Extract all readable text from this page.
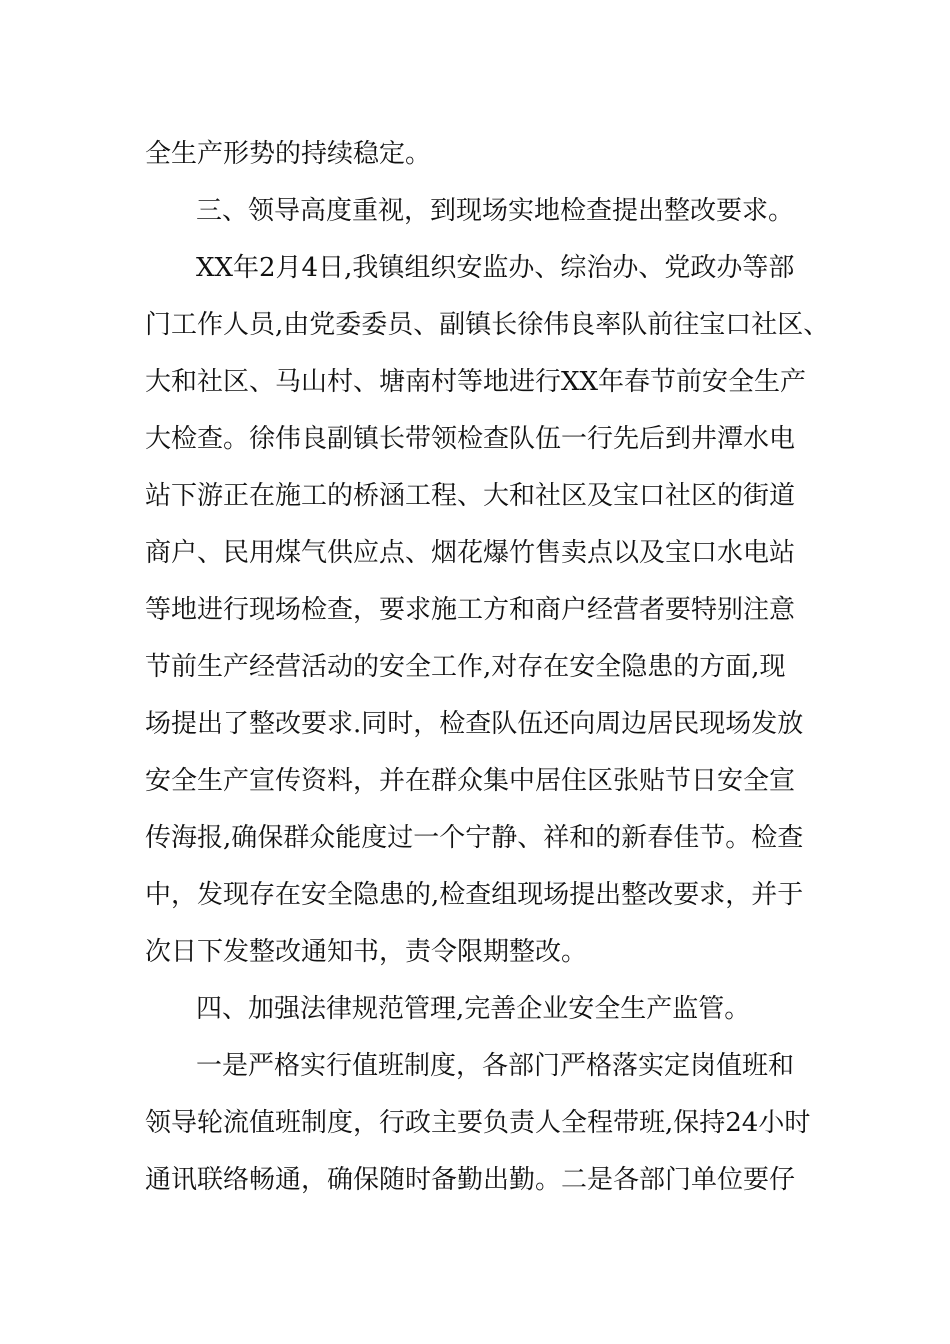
全生产形势的持续稳定。
三、领导高度重视，到现场实地检查提出整改要求。
XX年2月4日,我镇组织安监办、综治办、党政办等部
门工作人员,由党委委员、副镇长徐伟良率队前往宝口社区、
大和社区、马山村、塘南村等地进行XX年春节前安全生产
大检查。徐伟良副镇长带领检查队伍一行先后到井潭水电
站下游正在施工的桥涵工程、大和社区及宝口社区的街道
商户、民用煤气供应点、烟花爆竹售卖点以及宝口水电站
等地进行现场检查，要求施工方和商户经营者要特别注意
节前生产经营活动的安全工作,对存在安全隐患的方面,现
场提出了整改要求.同时，检查队伍还向周边居民现场发放
安全生产宣传资料，并在群众集中居住区张贴节日安全宣
传海报,确保群众能度过一个宁静、祥和的新春佳节。检查
中，发现存在安全隐患的,检查组现场提出整改要求，并于
次日下发整改通知书，责令限期整改。
四、加强法律规范管理,完善企业安全生产监管。
一是严格实行值班制度，各部门严格落实定岗值班和
领导轮流值班制度，行政主要负责人全程带班,保持24小时
通讯联络畅通，确保随时备勤出勤。二是各部门单位要仔
